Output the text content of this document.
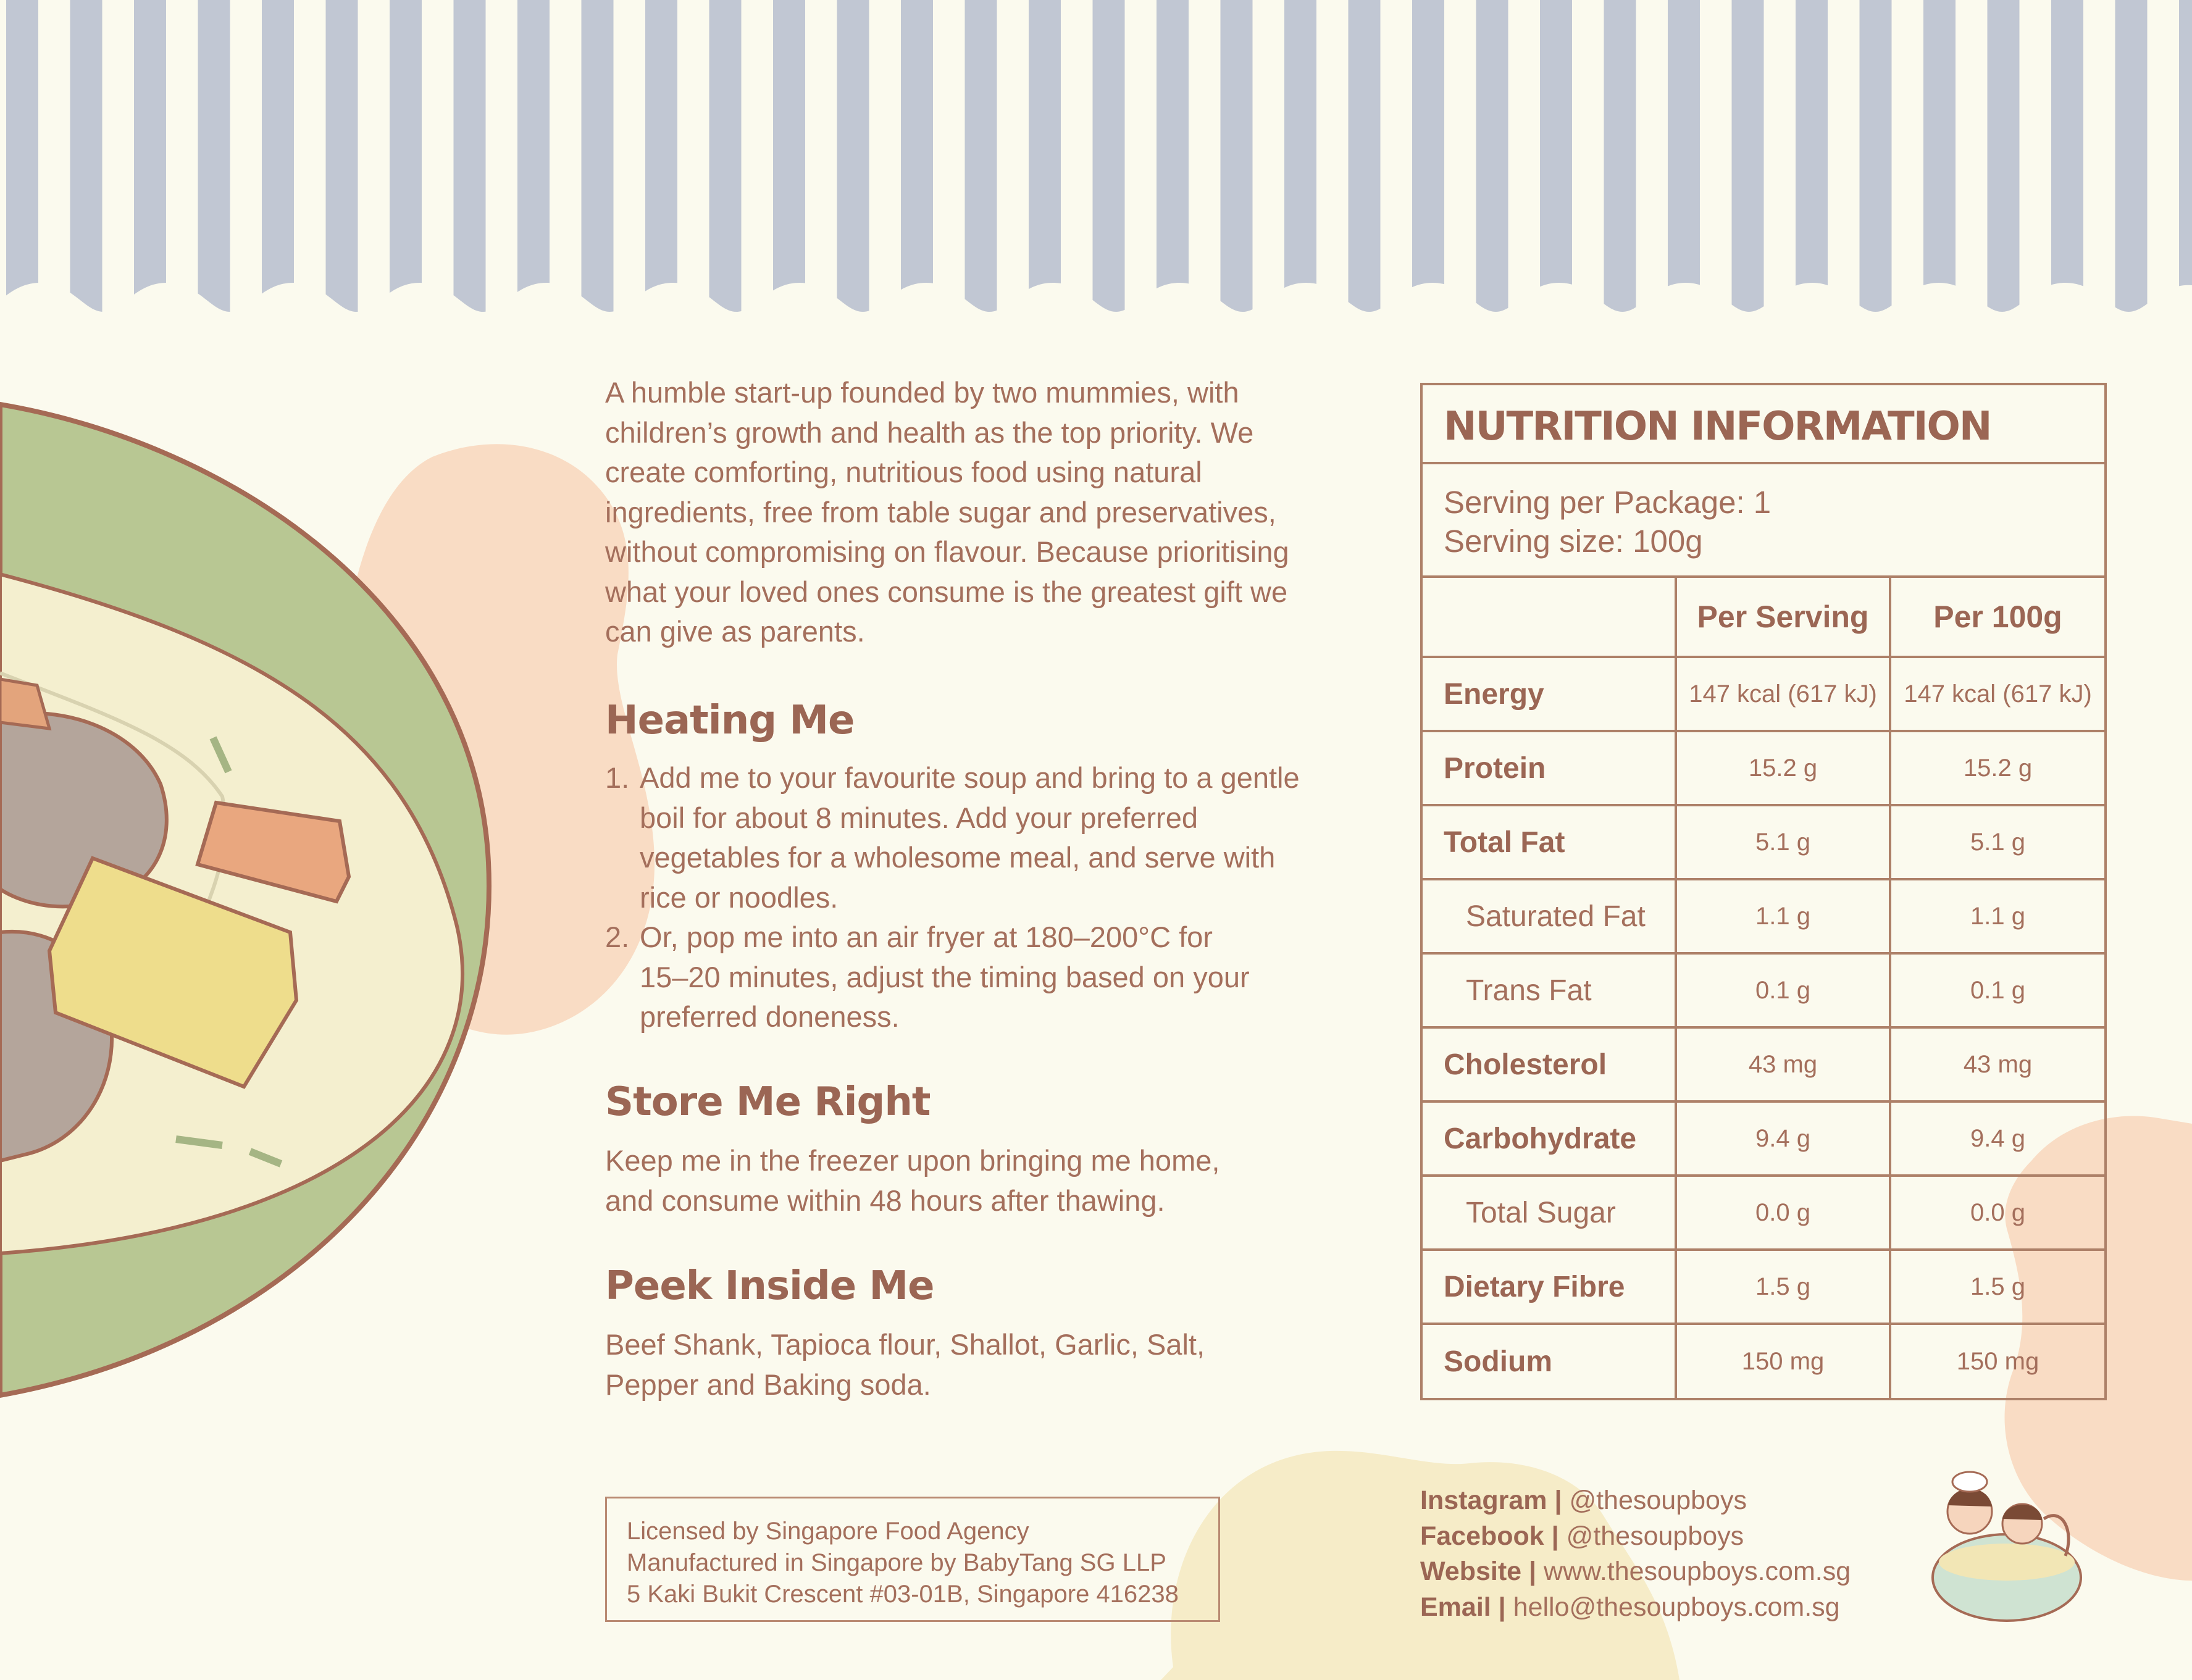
A humble start-up founded by two mummies, with
children’s growth and health as the top priority. We
create comforting, nutritious food using natural
ingredients, free from table sugar and preservatives,
without compromising on flavour. Because prioritising
what your loved ones consume is the greatest gift we
can give as parents.
Heating Me
1. Add me to your favourite soup and bring to a gentle
boil for about 8 minutes. Add your preferred
vegetables for a wholesome meal, and serve with
rice or noodles.
2. Or, pop me into an air fryer at 180–200°C for
15–20 minutes, adjust the timing based on your
preferred doneness.
Store Me Right
Keep me in the freezer upon bringing me home,
and consume within 48 hours after thawing.
Peek Inside Me
Beef Shank, Tapioca flour, Shallot, Garlic, Salt,
Pepper and Baking soda.
Licensed by Singapore Food Agency
Manufactured in Singapore by BabyTang SG LLP
5 Kaki Bukit Crescent #03-01B, Singapore 416238
NUTRITION INFORMATION
Serving per Package: 1
Serving size: 100g
	Per Serving	Per 100g
Energy	147 kcal (617 kJ)	147 kcal (617 kJ)
Protein	15.2 g	15.2 g
Total Fat	5.1 g	5.1 g
Saturated Fat	1.1 g	1.1 g
Trans Fat	0.1 g	0.1 g
Cholesterol	43 mg	43 mg
Carbohydrate	9.4 g	9.4 g
Total Sugar	0.0 g	0.0 g
Dietary Fibre	1.5 g	1.5 g
Sodium	150 mg	150 mg
Instagram | @thesoupboys
Facebook | @thesoupboys
Website | www.thesoupboys.com.sg
Email | hello@thesoupboys.com.sg
